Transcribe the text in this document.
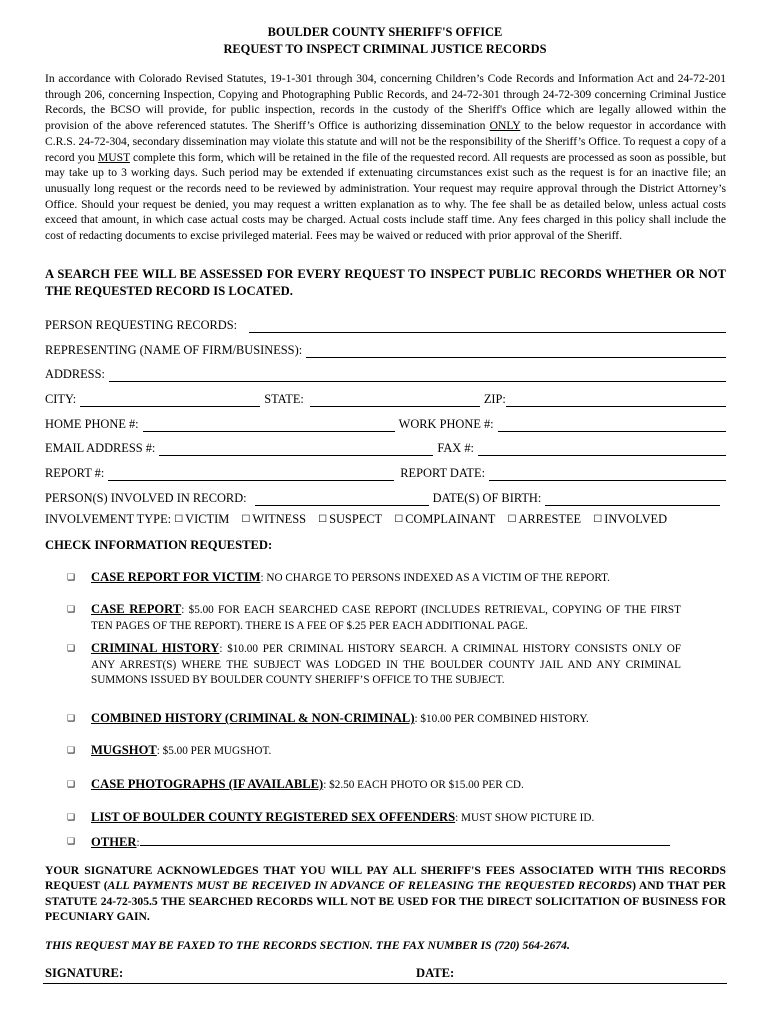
BOULDER COUNTY SHERIFF'S OFFICE
REQUEST TO INSPECT CRIMINAL JUSTICE RECORDS

In accordance with Colorado Revised Statutes, 19-1-301 through 304, concerning Children’s Code Records and Information Act and 24-72-201 through 206, concerning Inspection, Copying and Photographing Public Records, and 24-72-301 through 24-72-309 concerning Criminal Justice Records, the BCSO will provide, for public inspection, records in the custody of the Sheriff's Office which are legally allowed within the provision of the above referenced statutes. The Sheriff’s Office is authorizing dissemination ONLY to the below requestor in accordance with C.R.S. 24-72-304, secondary dissemination may violate this statute and will not be the responsibility of the Sheriff’s Office. To request a copy of a record you MUST complete this form, which will be retained in the file of the requested record. All requests are processed as soon as possible, but may take up to 3 working days. Such period may be extended if extenuating circumstances exist such as the request is for an inactive file; an unusually long request or the records need to be reviewed by administration. Your request may require approval through the District Attorney’s Office. Should your request be denied, you may request a written explanation as to why. The fee shall be as detailed below, unless actual costs exceed that amount, in which case actual costs may be charged. Actual costs include staff time. Any fees charged in this policy shall include the cost of redacting documents to excise privileged material. Fees may be waived or reduced with prior approval of the Sheriff.

A SEARCH FEE WILL BE ASSESSED FOR EVERY REQUEST TO INSPECT PUBLIC RECORDS WHETHER OR NOT THE REQUESTED RECORD IS LOCATED.

PERSON REQUESTING RECORDS:
REPRESENTING (NAME OF FIRM/BUSINESS):
ADDRESS:
CITY:	STATE:	ZIP:
HOME PHONE #:	WORK PHONE #:
EMAIL ADDRESS #:	FAX #:
REPORT #:	REPORT DATE:
PERSON(S) INVOLVED IN RECORD:	DATE(S) OF BIRTH:
INVOLVEMENT TYPE: ☐ VICTIM ☐ WITNESS ☐ SUSPECT ☐ COMPLAINANT ☐ ARRESTEE ☐ INVOLVED
CHECK INFORMATION REQUESTED:
❑ CASE REPORT FOR VICTIM: NO CHARGE TO PERSONS INDEXED AS A VICTIM OF THE REPORT.
❑ CASE REPORT: $5.00 FOR EACH SEARCHED CASE REPORT (INCLUDES RETRIEVAL, COPYING OF THE FIRST TEN PAGES OF THE REPORT). THERE IS A FEE OF $.25 PER EACH ADDITIONAL PAGE.
❑ CRIMINAL HISTORY: $10.00 PER CRIMINAL HISTORY SEARCH. A CRIMINAL HISTORY CONSISTS ONLY OF ANY ARREST(S) WHERE THE SUBJECT WAS LODGED IN THE BOULDER COUNTY JAIL AND ANY CRIMINAL SUMMONS ISSUED BY BOULDER COUNTY SHERIFF’S OFFICE TO THE SUBJECT.
❑ COMBINED HISTORY (CRIMINAL & NON-CRIMINAL): $10.00 PER COMBINED HISTORY.
❑ MUGSHOT: $5.00 PER MUGSHOT.
❑ CASE PHOTOGRAPHS (IF AVAILABLE): $2.50 EACH PHOTO OR $15.00 PER CD.
❑ LIST OF BOULDER COUNTY REGISTERED SEX OFFENDERS: MUST SHOW PICTURE ID.
❑ OTHER:

YOUR SIGNATURE ACKNOWLEDGES THAT YOU WILL PAY ALL SHERIFF'S FEES ASSOCIATED WITH THIS RECORDS REQUEST (ALL PAYMENTS MUST BE RECEIVED IN ADVANCE OF RELEASING THE REQUESTED RECORDS) AND THAT PER STATUTE 24-72-305.5 THE SEARCHED RECORDS WILL NOT BE USED FOR THE DIRECT SOLICITATION OF BUSINESS FOR PECUNIARY GAIN.

THIS REQUEST MAY BE FAXED TO THE RECORDS SECTION. THE FAX NUMBER IS (720) 564-2674.
SIGNATURE:	DATE:
